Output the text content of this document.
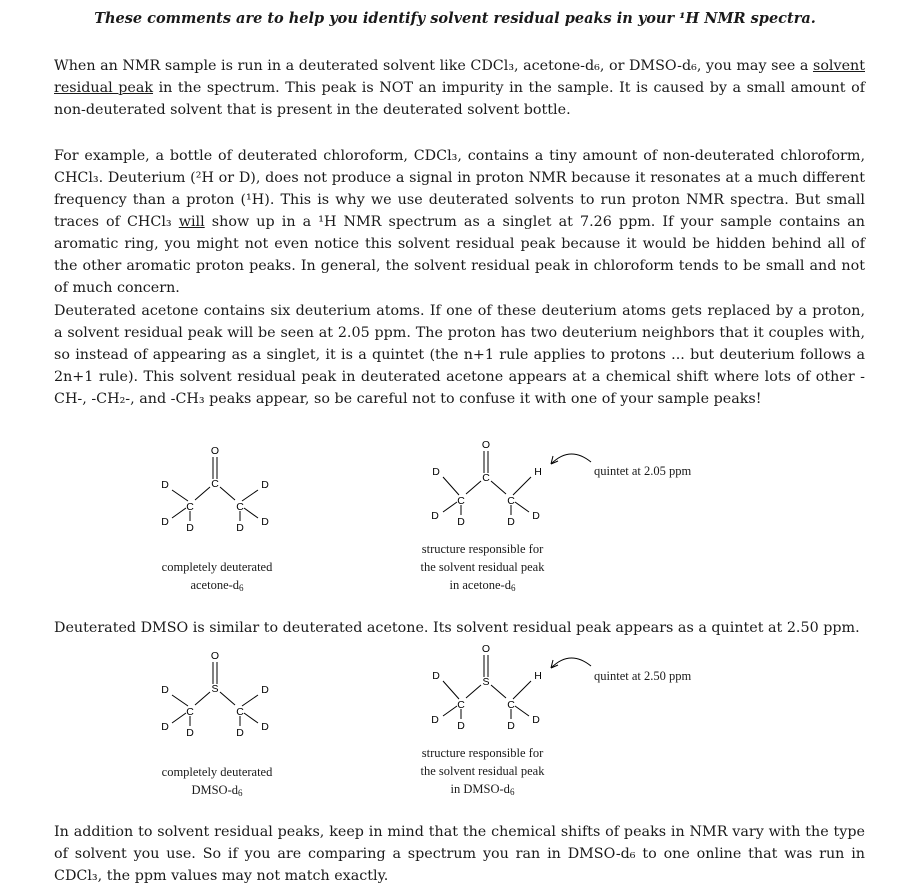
These comments are to help you identify solvent residual peaks in your ¹H NMR spectra.

When an NMR sample is run in a deuterated solvent like CDCl₃, acetone-d₆, or DMSO-d₆, you may see a solvent residual peak in the spectrum. This peak is NOT an impurity in the sample. It is caused by a small amount of non-deuterated solvent that is present in the deuterated solvent bottle.

For example, a bottle of deuterated chloroform, CDCl₃, contains a tiny amount of non-deuterated chloroform, CHCl₃. Deuterium (²H or D), does not produce a signal in proton NMR because it resonates at a much different frequency than a proton (¹H). This is why we use deuterated solvents to run proton NMR spectra. But small traces of CHCl₃ will show up in a ¹H NMR spectrum as a singlet at 7.26 ppm. If your sample contains an aromatic ring, you might not even notice this solvent residual peak because it would be hidden behind all of the other aromatic proton peaks. In general, the solvent residual peak in chloroform tends to be small and not of much concern.

Deuterated acetone contains six deuterium atoms. If one of these deuterium atoms gets replaced by a proton, a solvent residual peak will be seen at 2.05 ppm. The proton has two deuterium neighbors that it couples with, so instead of appearing as a singlet, it is a quintet (the n+1 rule applies to protons ... but deuterium follows a 2n+1 rule). This solvent residual peak in deuterated acetone appears at a chemical shift where lots of other -CH-, -CH₂-, and -CH₃ peaks appear, so be careful not to confuse it with one of your sample peaks!

O
C
C	C
D
D D
D
D
D
completely deuterated
acetone-$d_6$
O
C
C	C
D
D D
H
D
D
quintet at 2.05 ppm
structure responsible for
the solvent residual peak
in acetone-$d_6$

Deuterated DMSO is similar to deuterated acetone. Its solvent residual peak appears as a quintet at 2.50 ppm.

O
S
C	C
D
D D
D
D
D
completely deuterated
DMSO-$d_6$
O
S
C	C
D
D D
H
D
D
quintet at 2.50 ppm
structure responsible for
the solvent residual peak
in DMSO-$d_6$

In addition to solvent residual peaks, keep in mind that the chemical shifts of peaks in NMR vary with the type of solvent you use. So if you are comparing a spectrum you ran in DMSO-d₆ to one online that was run in CDCl₃, the ppm values may not match exactly.
